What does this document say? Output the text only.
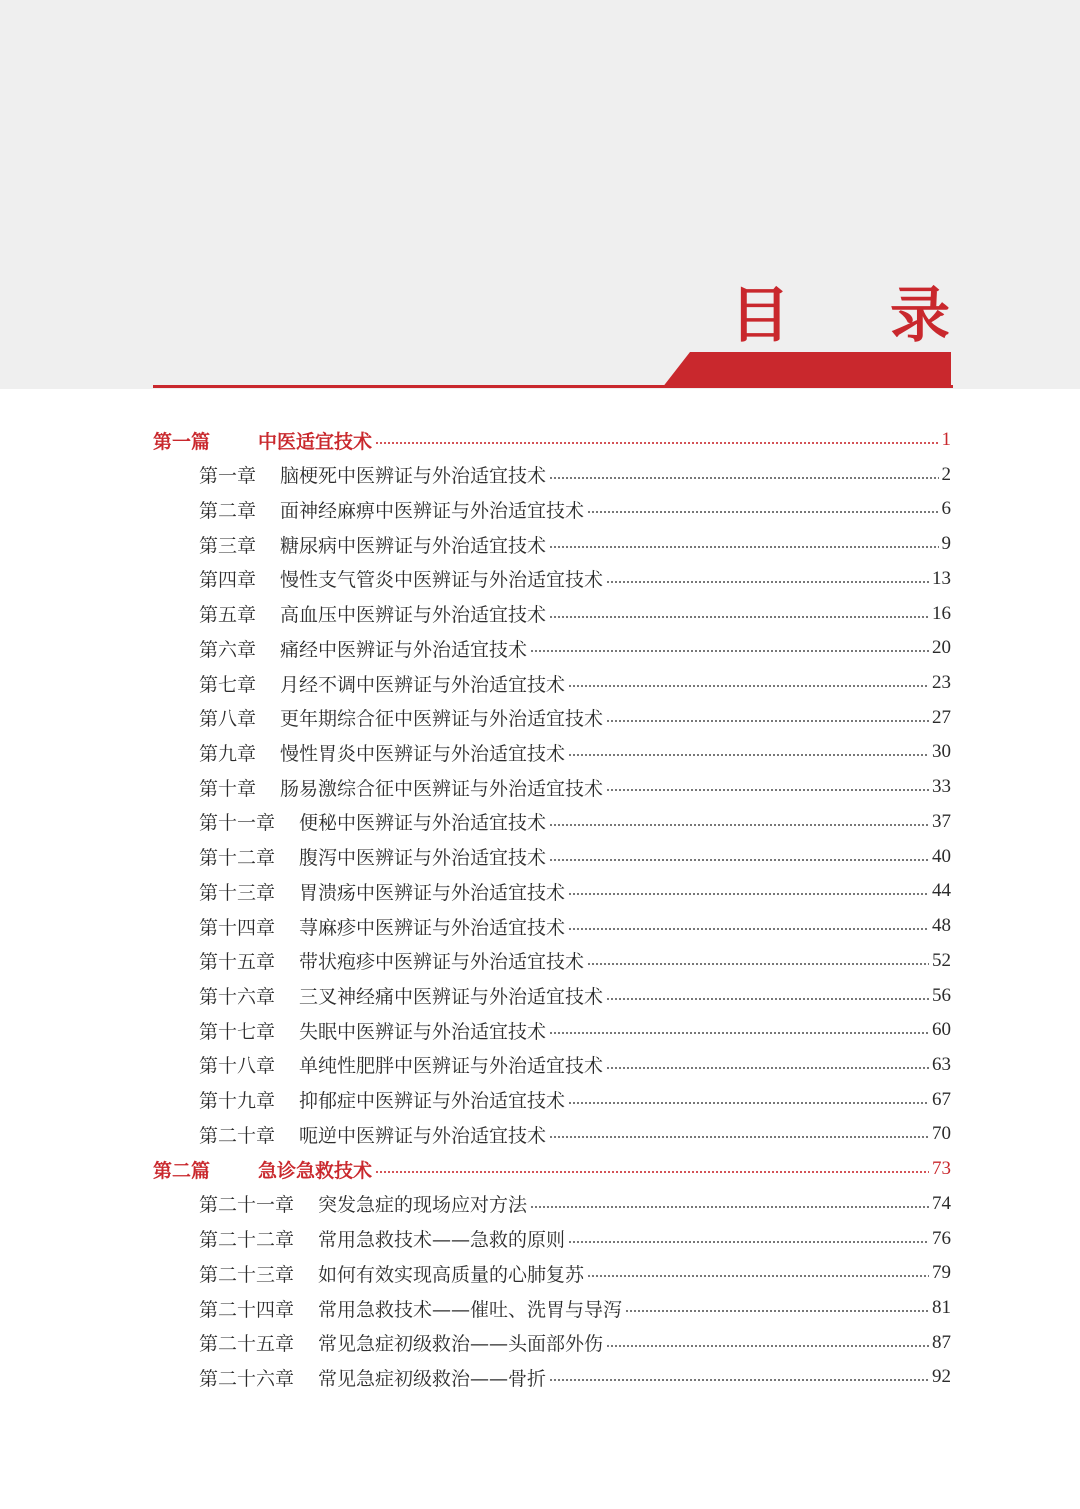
目 录
第一篇	中医适宜技术	1
第一章 脑梗死中医辨证与外治适宜技术	2
第二章 面神经麻痹中医辨证与外治适宜技术	6
第三章 糖尿病中医辨证与外治适宜技术	9
第四章 慢性支气管炎中医辨证与外治适宜技术	13
第五章 高血压中医辨证与外治适宜技术	16
第六章 痛经中医辨证与外治适宜技术	20
第七章 月经不调中医辨证与外治适宜技术	23
第八章 更年期综合征中医辨证与外治适宜技术	27
第九章 慢性胃炎中医辨证与外治适宜技术	30
第十章 肠易激综合征中医辨证与外治适宜技术	33
第十一章 便秘中医辨证与外治适宜技术	37
第十二章 腹泻中医辨证与外治适宜技术	40
第十三章 胃溃疡中医辨证与外治适宜技术	44
第十四章 荨麻疹中医辨证与外治适宜技术	48
第十五章 带状疱疹中医辨证与外治适宜技术	52
第十六章 三叉神经痛中医辨证与外治适宜技术	56
第十七章 失眠中医辨证与外治适宜技术	60
第十八章 单纯性肥胖中医辨证与外治适宜技术	63
第十九章 抑郁症中医辨证与外治适宜技术	67
第二十章 呃逆中医辨证与外治适宜技术	70
第二篇	急诊急救技术	73
第二十一章 突发急症的现场应对方法	74
第二十二章 常用急救技术——急救的原则	76
第二十三章 如何有效实现高质量的心肺复苏	79
第二十四章 常用急救技术——催吐、洗胃与导泻	81
第二十五章 常见急症初级救治——头面部外伤	87
第二十六章 常见急症初级救治——骨折	92
